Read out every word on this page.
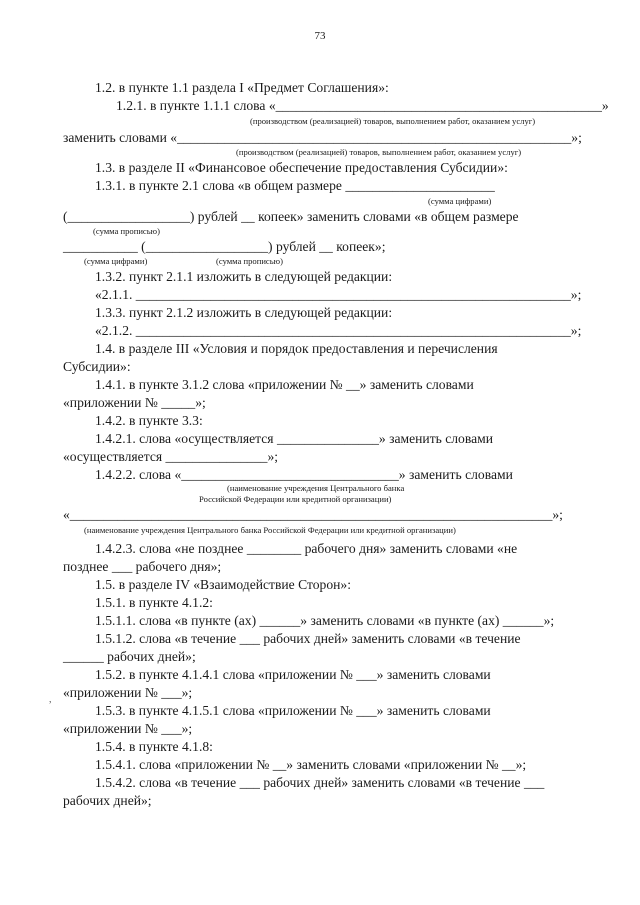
73
1.2. в пункте 1.1 раздела I «Предмет Соглашения»:
1.2.1. в пункте 1.1.1 слова «________________________________________________»
заменить словами «__________________________________________________________»;
1.3. в разделе II «Финансовое обеспечение предоставления Субсидии»:
1.3.1. в пункте 2.1 слова «в общем размере ______________________
(__________________) рублей __ копеек» заменить словами «в общем размере
___________ (__________________) рублей __ копеек»;
1.3.2. пункт 2.1.1 изложить в следующей редакции:
«2.1.1. ________________________________________________________________»;
1.3.3. пункт 2.1.2 изложить в следующей редакции:
«2.1.2. ________________________________________________________________»;
1.4. в разделе III «Условия и порядок предоставления и перечисления
Субсидии»:
1.4.1. в пункте 3.1.2 слова «приложении № __» заменить словами
«приложении № _____»;
1.4.2. в пункте 3.3:
1.4.2.1. слова «осуществляется _______________» заменить словами
«осуществляется _______________»;
1.4.2.2. слова «________________________________» заменить словами
«_______________________________________________________________________»;
1.4.2.3. слова «не позднее ________ рабочего дня» заменить словами «не
позднее ___ рабочего дня»;
1.5. в разделе IV «Взаимодействие Сторон»:
1.5.1. в пункте 4.1.2:
1.5.1.1. слова «в пункте (ах) ______» заменить словами «в пункте (ах) ______»;
1.5.1.2. слова «в течение ___ рабочих дней» заменить словами «в течение
______ рабочих дней»;
1.5.2. в пункте 4.1.4.1 слова «приложении № ___» заменить словами
«приложении № ___»;
1.5.3. в пункте 4.1.5.1 слова «приложении № ___» заменить словами
«приложении № ___»;
1.5.4. в пункте 4.1.8:
1.5.4.1. слова «приложении № __» заменить словами «приложении № __»;
1.5.4.2. слова «в течение ___ рабочих дней» заменить словами «в течение ___
рабочих дней»;
(производством (реализацией) товаров, выполнением работ, оказанием услуг)
(производством (реализацией) товаров, выполнением работ, оказанием услуг)
(сумма цифрами)
(сумма прописью)
(сумма цифрами)	(сумма прописью)
(наименование учреждения Центрального банка
Российской Федерации или кредитной организации)
(наименование учреждения Центрального банка Российской Федерации или кредитной организации)
,
